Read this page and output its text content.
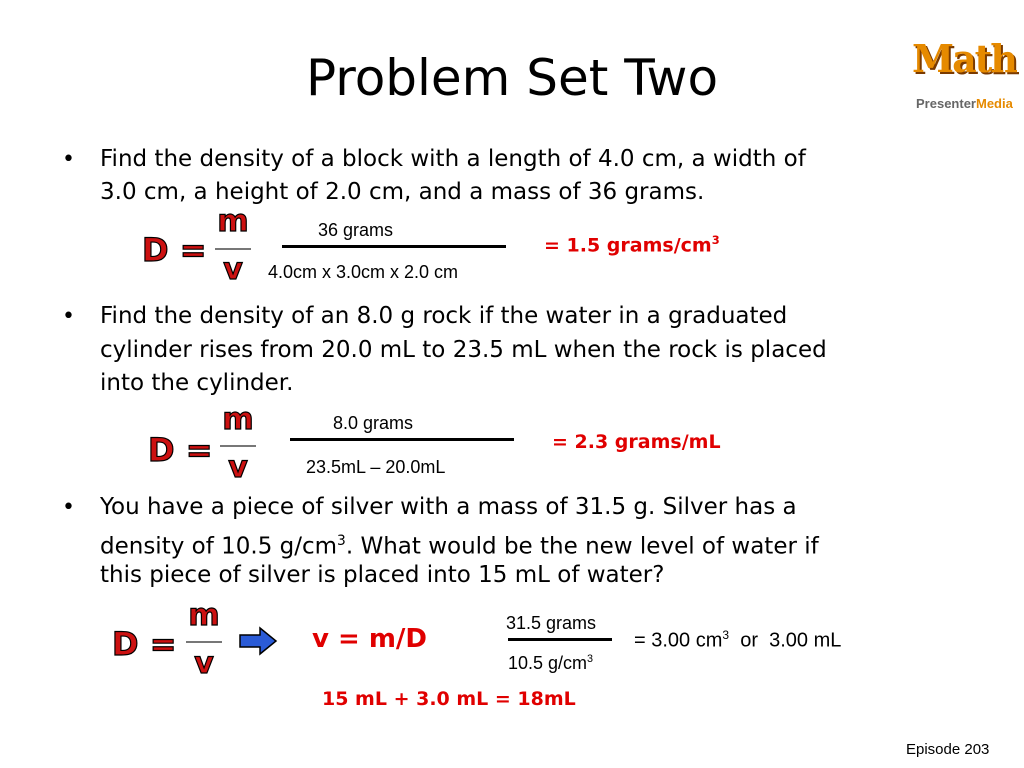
Problem Set Two	Math
PresenterMedia
• Find the density of a block with a length of 4.0 cm, a width of
3.0 cm, a height of 2.0 cm, and a mass of 36 grams.
D =
m
v
36 grams
4.0cm x 3.0cm x 2.0 cm
= 1.5 grams/$cm^3$
• Find the density of an 8.0 g rock if the water in a graduated
cylinder rises from 20.0 mL to 23.5 mL when the rock is placed
into the cylinder.
D =
m
v
8.0 grams
23.5mL – 20.0mL
= 2.3 grams/mL
• You have a piece of silver with a mass of 31.5 g. Silver has a
density of 10.5 $g/cm^3$. What would be the new level of water if
this piece of silver is placed into 15 mL of water?
D =
m
v
v = m/D
31.5 grams
10.5 $g/cm^3$
= 3.00 $cm^3$  or  3.00 mL
15 mL + 3.0 mL = 18mL
Episode 203
